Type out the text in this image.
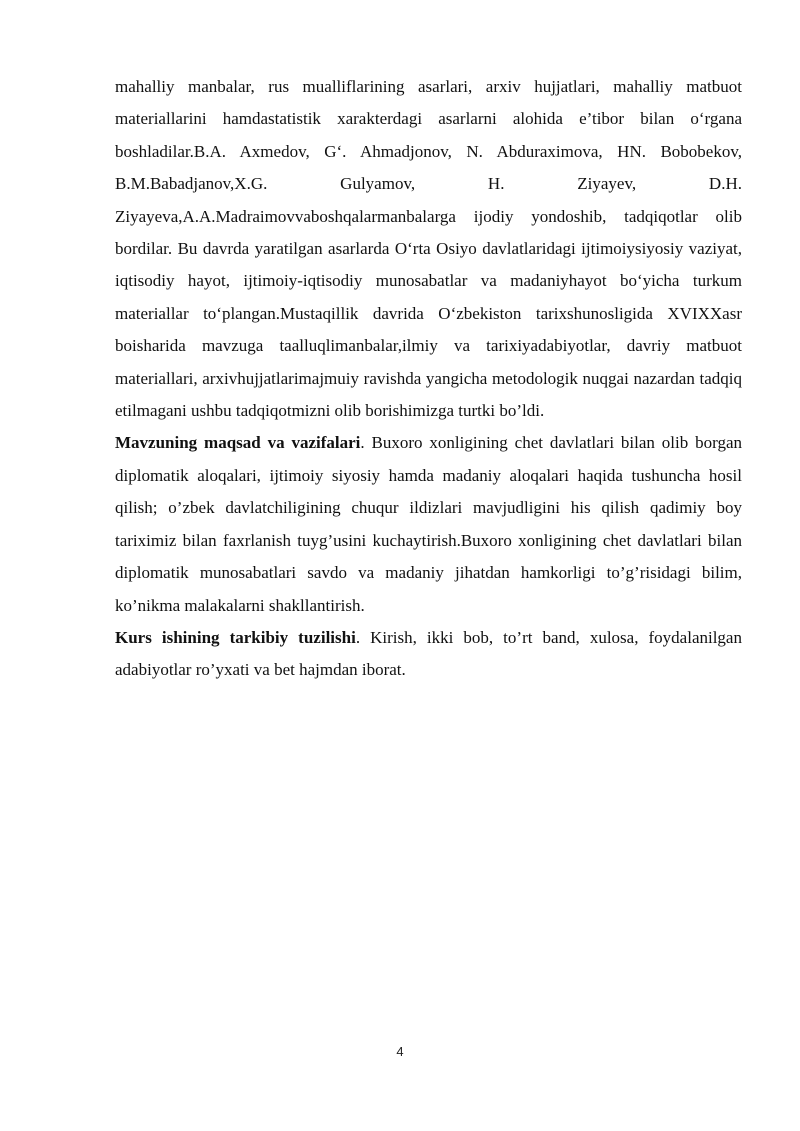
mahalliy manbalar, rus mualliflarining asarlari, arxiv hujjatlari, mahalliy matbuot materiallarini hamdastatistik xarakterdagi asarlarni alohida e’tibor bilan o‘rgana boshladilar.B.A. Axmedov, G‘. Ahmadjonov, N. Abduraximova, HN. Bobobekov, B.M.Babadjanov,X.G. Gulyamov, H. Ziyayev, D.H. Ziyayeva,A.A.Madraimovvaboshqalarmanbalarga ijodiy yondoshib, tadqiqotlar olib bordilar. Bu davrda yaratilgan asarlarda O‘rta Osiyo davlatlaridagi ijtimoiysiyosiy vaziyat, iqtisodiy hayot, ijtimoiy-iqtisodiy munosabatlar va madaniyhayot bo‘yicha turkum materiallar to‘plangan.Mustaqillik davrida O‘zbekiston tarixshunosligida XVIXXasr boisharida mavzuga taalluqlimanbalar,ilmiy va tarixiyadabiyotlar, davriy matbuot materiallari, arxivhujjatlarimajmuiy ravishda yangicha metodologik nuqgai nazardan tadqiq etilmagani ushbu tadqiqotmizni olib borishimizga turtki bo’ldi.

Mavzuning maqsad va vazifalari. Buxoro xonligining chet davlatlari bilan olib borgan diplomatik aloqalari, ijtimoiy siyosiy hamda madaniy aloqalari haqida tushuncha hosil qilish; o’zbek davlatchiligining chuqur ildizlari mavjudligini his qilish qadimiy boy tariximiz bilan faxrlanish tuyg’usini kuchaytirish.Buxoro xonligining chet davlatlari bilan diplomatik munosabatlari savdo va madaniy jihatdan hamkorligi to’g’risidagi bilim, ko’nikma malakalarni shakllantirish.

Kurs ishining tarkibiy tuzilishi. Kirish, ikki bob, to’rt band, xulosa, foydalanilgan adabiyotlar ro’yxati va bet hajmdan iborat.

4
